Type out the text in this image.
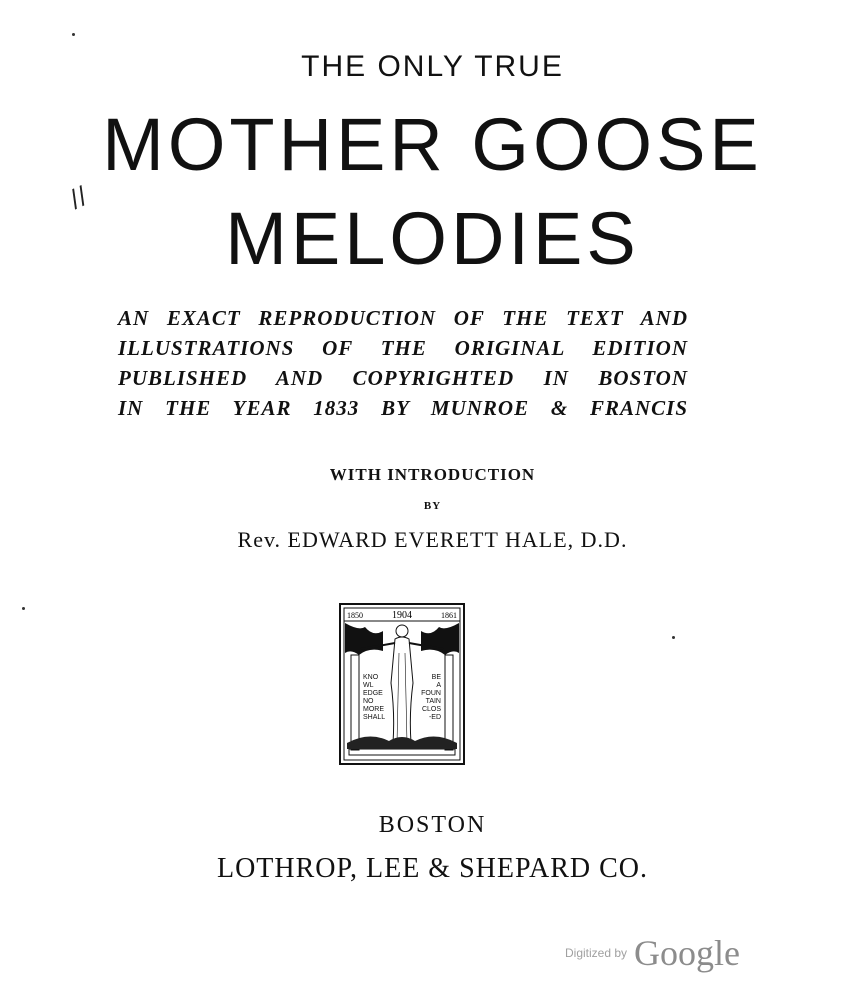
//
THE ONLY TRUE
MOTHER GOOSE
MELODIES
AN EXACT REPRODUCTION OF THE TEXT AND
ILLUSTRATIONS OF THE ORIGINAL EDITION
PUBLISHED AND COPYRIGHTED IN BOSTON
IN THE YEAR 1833 BY MUNROE & FRANCIS
WITH INTRODUCTION
BY
Rev. EDWARD EVERETT HALE, D.D.
1850	1904	1861
KNO
WL
EDGE
NO
MORE
SHALL
BE
A
FOUN
TAIN
CLOS
-ED
BOSTON
LOTHROP, LEE & SHEPARD CO.
Digitized by Google
